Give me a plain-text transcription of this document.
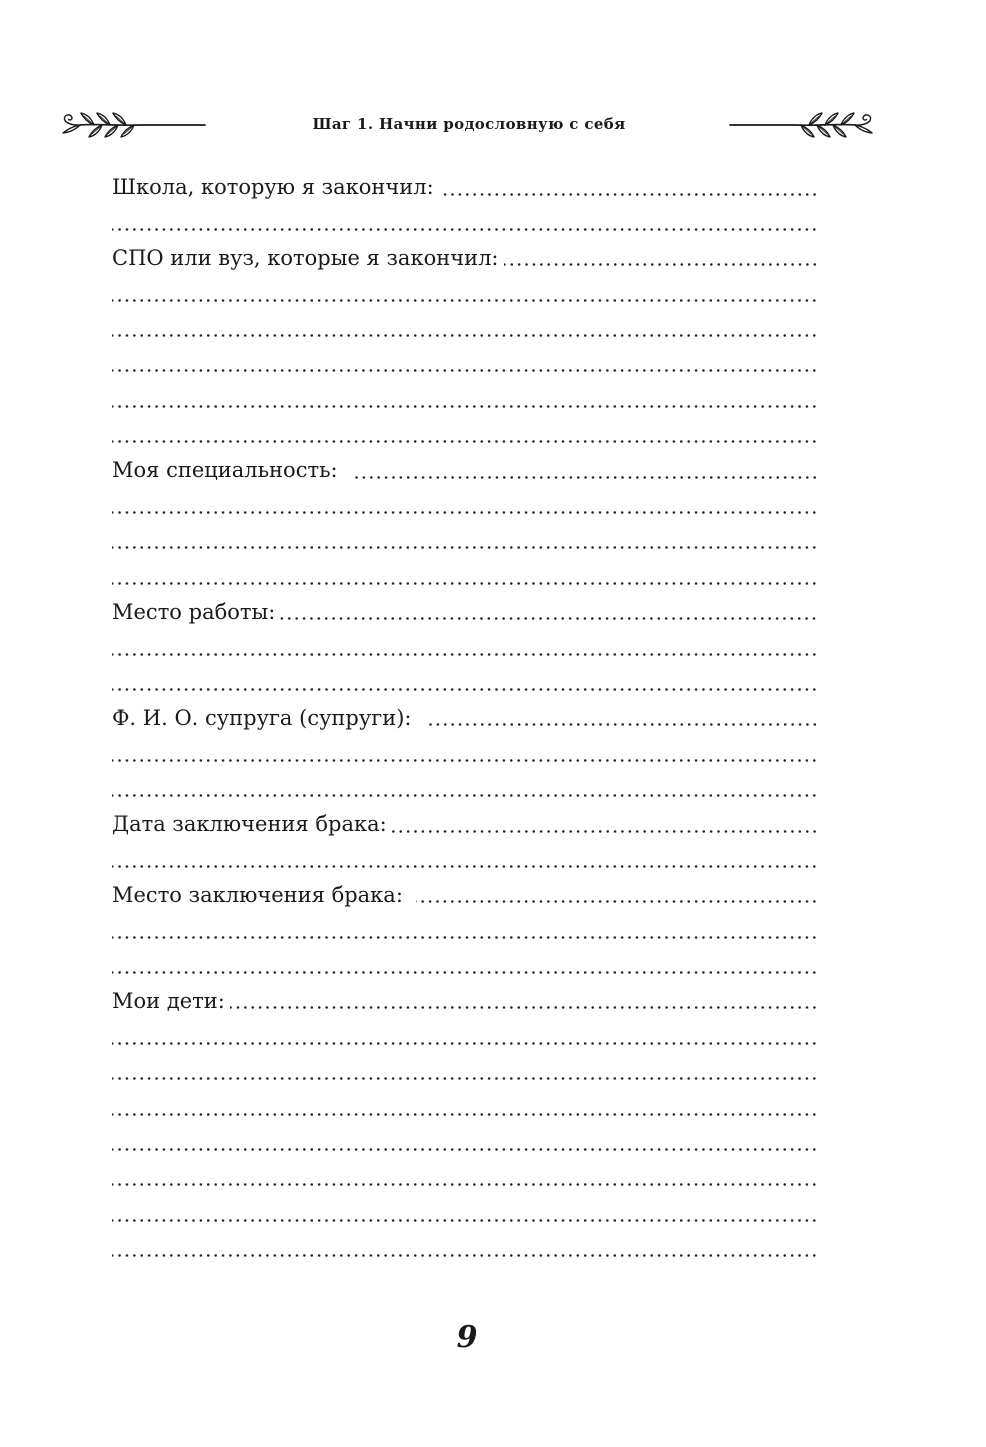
Шаг 1. Начни родословную с себя
Школа, которую я закончил:
СПО или вуз, которые я закончил:
Моя специальность:
Место работы:
Ф. И. О. супруга (супруги):
Дата заключения брака:
Место заключения брака:
Мои дети:
9
